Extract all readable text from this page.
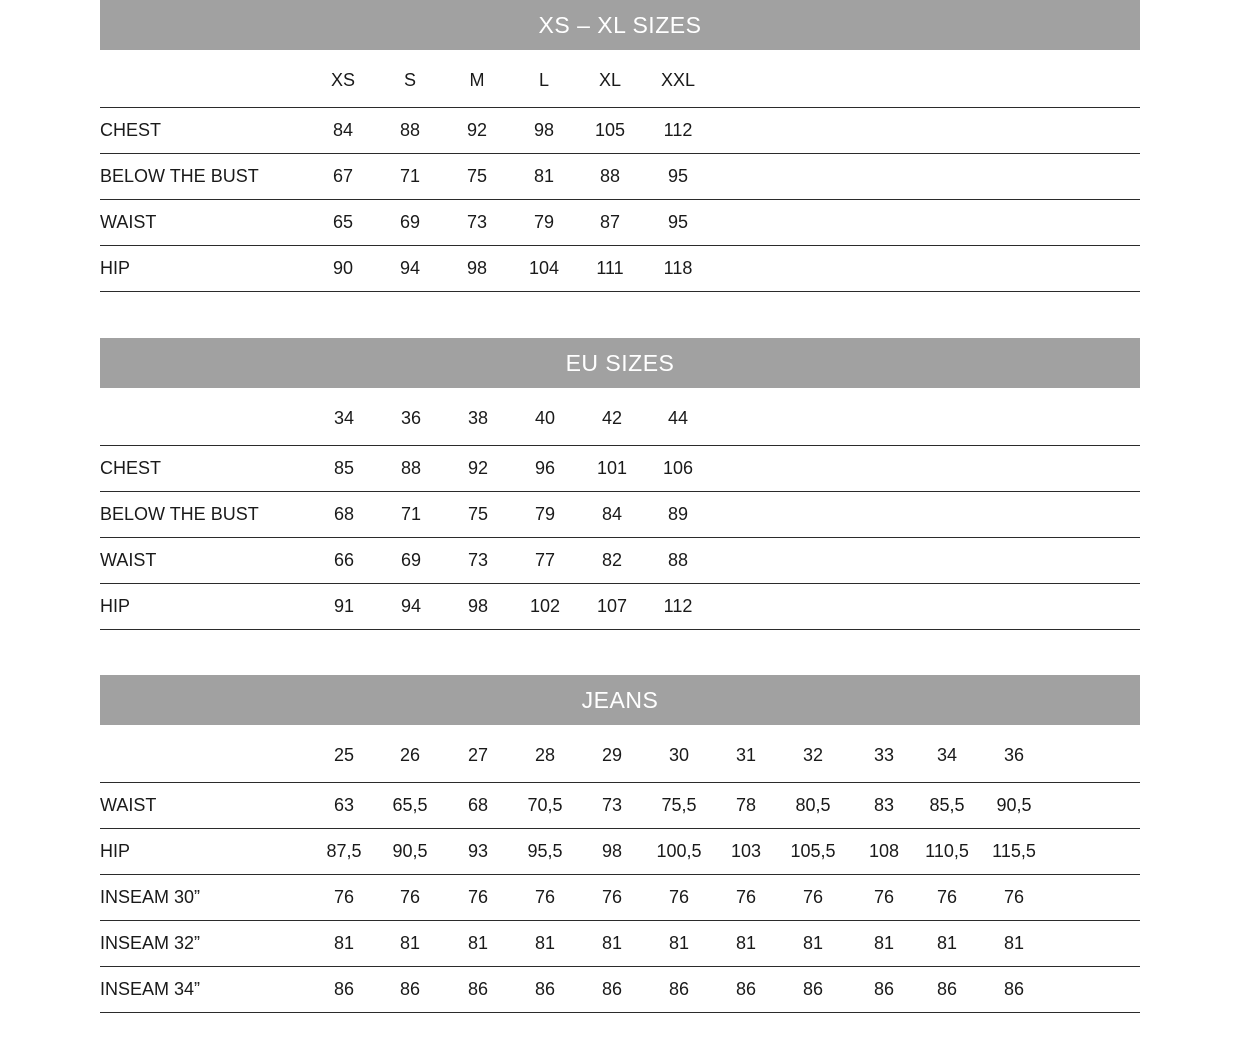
XS – XL SIZES
XS	S	M	L	XL	XXL
CHEST	84	88	92	98	105	112
BELOW THE BUST	67	71	75	81	88	95
WAIST	65	69	73	79	87	95
HIP	90	94	98	104	111	118
EU SIZES
34	36	38	40	42	44
CHEST	85	88	92	96	101	106
BELOW THE BUST	68	71	75	79	84	89
WAIST	66	69	73	77	82	88
HIP	91	94	98	102	107	112
JEANS
25	26	27	28	29	30	31	32	33	34	36
WAIST	63	65,5	68	70,5	73	75,5	78	80,5	83	85,5	90,5
HIP	87,5	90,5	93	95,5	98	100,5	103	105,5	108	110,5	115,5
INSEAM 30”	76	76	76	76	76	76	76	76	76	76	76
INSEAM 32”	81	81	81	81	81	81	81	81	81	81	81
INSEAM 34”	86	86	86	86	86	86	86	86	86	86	86
